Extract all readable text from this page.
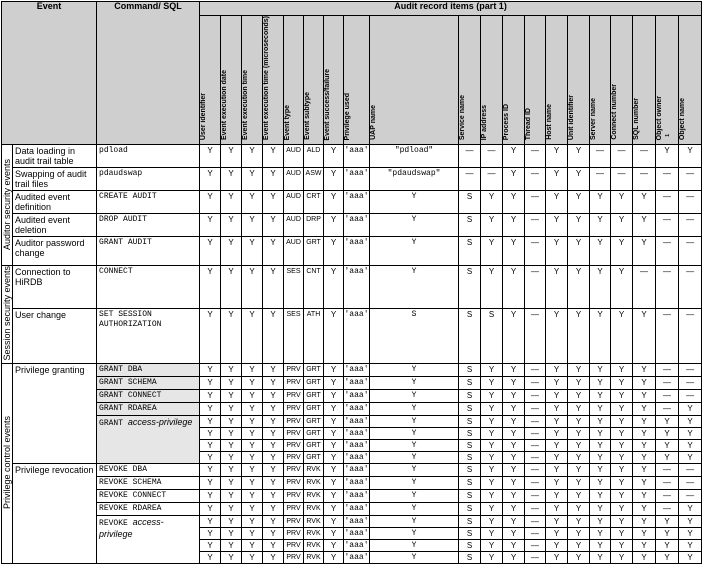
Event		Command/ SQL	Audit record items (part 1)																			
			User identifier	Event execution date	Event execution time	Event execution time (microseconds)	Event type	Event subtype	Event success/failure	Privilege used	UAP name	Service name	IP address	Process ID	Thread ID	Host name	Unit identifier	Server name	Connect number	SQL number	Object owner 1	Object name
Auditor security events	Data loading in audit trail table	pdload	Y	Y	Y	Y	AUD	ALD	Y	'aaa'	"pdload"	—	—	Y	—	Y	Y	—	—	—	Y	Y
	Swapping of audit trail files	pdaudswap	Y	Y	Y	Y	AUD	ASW	Y	'aaa'	"pdaudswap"	—	—	Y	—	Y	Y	—	—	—	—	—
	Audited event definition	CREATE AUDIT	Y	Y	Y	Y	AUD	CRT	Y	'aaa'	Y	S	Y	Y	—	Y	Y	Y	Y	Y	—	—
	Audited event deletion	DROP AUDIT	Y	Y	Y	Y	AUD	DRP	Y	'aaa'	Y	S	Y	Y	—	Y	Y	Y	Y	Y	—	—
	Auditor password change	GRANT AUDIT	Y	Y	Y	Y	AUD	GRT	Y	'aaa'	Y	S	Y	Y	—	Y	Y	Y	Y	Y	—	—
Session security events	Connection to HiRDB	CONNECT	Y	Y	Y	Y	SES	CNT	Y	'aaa'	Y	S	Y	Y	—	Y	Y	Y	Y	—	—	—
	User change	SET SESSION
AUTHORIZATION	Y	Y	Y	Y	SES	ATH	Y	'aaa'	S	S	S	Y	—	Y	Y	Y	Y	Y	—	—
Privilege control events	Privilege granting	GRANT DBA	Y	Y	Y	Y	PRV	GRT	Y	'aaa'	Y	S	Y	Y	—	Y	Y	Y	Y	Y	—	—
		GRANT SCHEMA	Y	Y	Y	Y	PRV	GRT	Y	'aaa'	Y	S	Y	Y	—	Y	Y	Y	Y	Y	—	—
		GRANT CONNECT	Y	Y	Y	Y	PRV	GRT	Y	'aaa'	Y	S	Y	Y	—	Y	Y	Y	Y	Y	—	—
		GRANT RDAREA	Y	Y	Y	Y	PRV	GRT	Y	'aaa'	Y	S	Y	Y	—	Y	Y	Y	Y	Y	—	Y
		GRANT access-privilege	Y	Y	Y	Y	PRV	GRT	Y	'aaa'	Y	S	Y	Y	—	Y	Y	Y	Y	Y	Y	Y
			Y	Y	Y	Y	PRV	GRT	Y	'aaa'	Y	S	Y	Y	—	Y	Y	Y	Y	Y	Y	Y
			Y	Y	Y	Y	PRV	GRT	Y	'aaa'	Y	S	Y	Y	—	Y	Y	Y	Y	Y	Y	Y
			Y	Y	Y	Y	PRV	GRT	Y	'aaa'	Y	S	Y	Y	—	Y	Y	Y	Y	Y	Y	Y
	Privilege revocation	REVOKE DBA	Y	Y	Y	Y	PRV	RVK	Y	'aaa'	Y	S	Y	Y	—	Y	Y	Y	Y	Y	—	—
		REVOKE SCHEMA	Y	Y	Y	Y	PRV	RVK	Y	'aaa'	Y	S	Y	Y	—	Y	Y	Y	Y	Y	—	—
		REVOKE CONNECT	Y	Y	Y	Y	PRV	RVK	Y	'aaa'	Y	S	Y	Y	—	Y	Y	Y	Y	Y	—	—
		REVOKE RDAREA	Y	Y	Y	Y	PRV	RVK	Y	'aaa'	Y	S	Y	Y	—	Y	Y	Y	Y	Y	—	Y
		REVOKE access-
privilege	Y	Y	Y	Y	PRV	RVK	Y	'aaa'	Y	S	Y	Y	—	Y	Y	Y	Y	Y	Y	Y
			Y	Y	Y	Y	PRV	RVK	Y	'aaa'	Y	S	Y	Y	—	Y	Y	Y	Y	Y	Y	Y
			Y	Y	Y	Y	PRV	RVK	Y	'aaa'	Y	S	Y	Y	—	Y	Y	Y	Y	Y	Y	Y
			Y	Y	Y	Y	PRV	RVK	Y	'aaa'	Y	S	Y	Y	—	Y	Y	Y	Y	Y	Y	Y
